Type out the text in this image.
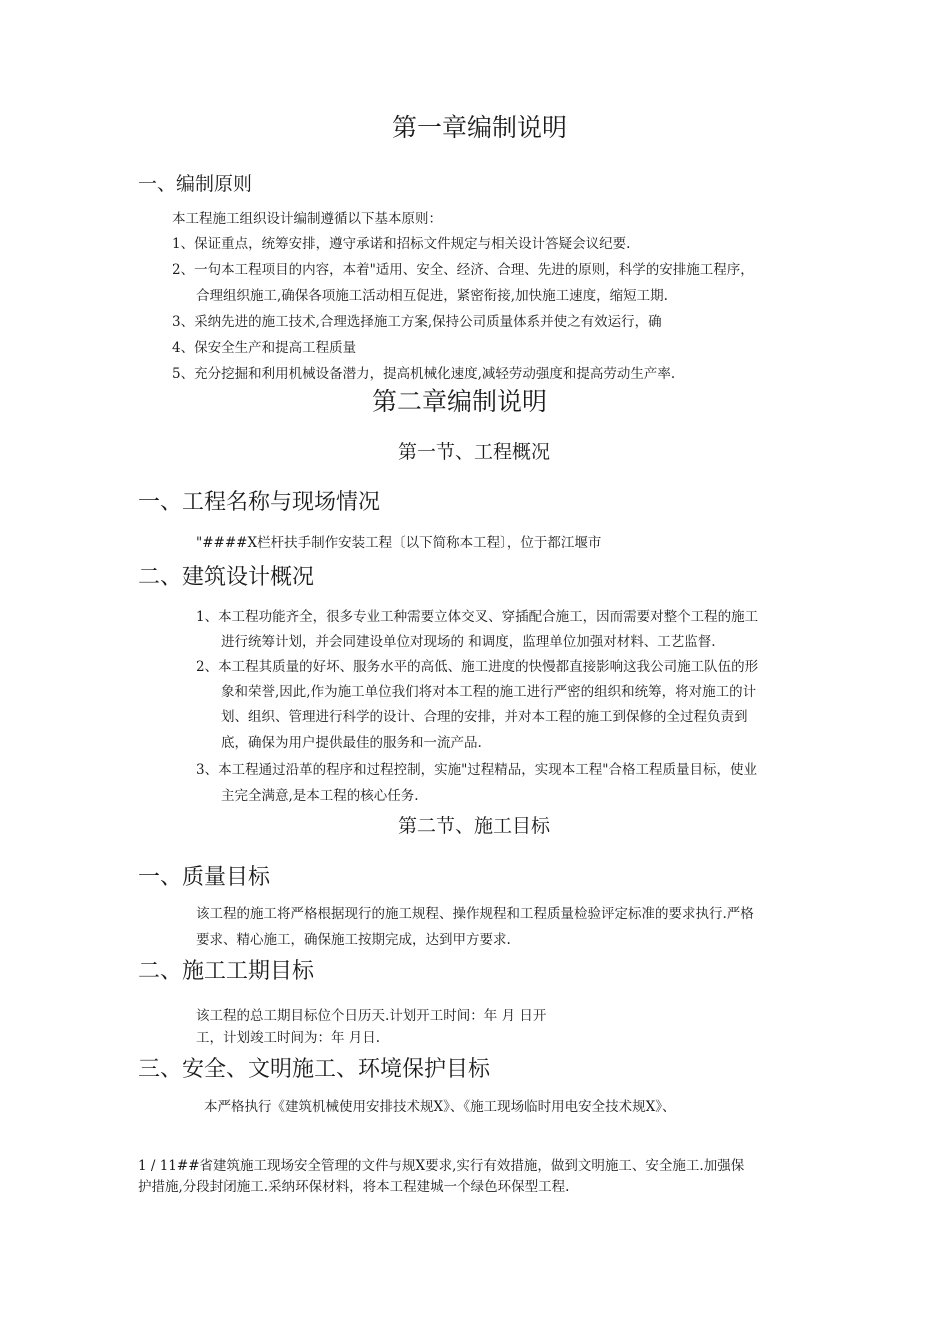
第一章编制说明
一、编制原则
本工程施工组织设计编制遵循以下基本原则：
1、保证重点，统筹安排，遵守承诺和招标文件规定与相关设计答疑会议纪要.
2、一句本工程项目的内容，本着"适用、安全、经济、合理、先进的原则，科学的安排施工程序，
合理组织施工,确保各项施工活动相互促进，紧密衔接,加快施工速度，缩短工期.
3、采纳先进的施工技术,合理选择施工方案,保持公司质量体系并使之有效运行，确
4、保安全生产和提高工程质量
5、充分挖掘和利用机械设备潜力，提高机械化速度,减轻劳动强度和提高劳动生产率.
第二章编制说明
第一节、工程概况
一、工程名称与现场情况
"####X栏杆扶手制作安装工程〔以下简称本工程〕，位于都江堰市
二、建筑设计概况
1、本工程功能齐全，很多专业工种需要立体交叉、穿插配合施工，因而需要对整个工程的施工
进行统筹计划，并会同建设单位对现场的 和调度，监理单位加强对材料、工艺监督.
2、本工程其质量的好坏、服务水平的高低、施工进度的快慢都直接影响这我公司施工队伍的形
象和荣誉,因此,作为施工单位我们将对本工程的施工进行严密的组织和统筹，将对施工的计
划、组织、管理进行科学的设计、合理的安排，并对本工程的施工到保修的全过程负责到
底，确保为用户提供最佳的服务和一流产品.
3、本工程通过沿革的程序和过程控制，实施"过程精品，实现本工程"合格工程质量目标，使业
主完全满意,是本工程的核心任务.
第二节、施工目标
一、质量目标
该工程的施工将严格根据现行的施工规程、操作规程和工程质量检验评定标准的要求执行.严格
要求、精心施工，确保施工按期完成，达到甲方要求.
二、施工工期目标
该工程的总工期目标位个日历天.计划开工时间：年 月 日开
工，计划竣工时间为：年 月日.
三、安全、文明施工、环境保护目标
本严格执行《建筑机械使用安排技术规X》、《施工现场临时用电安全技术规X》、
1 / 11##省建筑施工现场安全管理的文件与规X要求,实行有效措施，做到文明施工、安全施工.加强保
护措施,分段封闭施工.采纳环保材料，将本工程建城一个绿色环保型工程.
